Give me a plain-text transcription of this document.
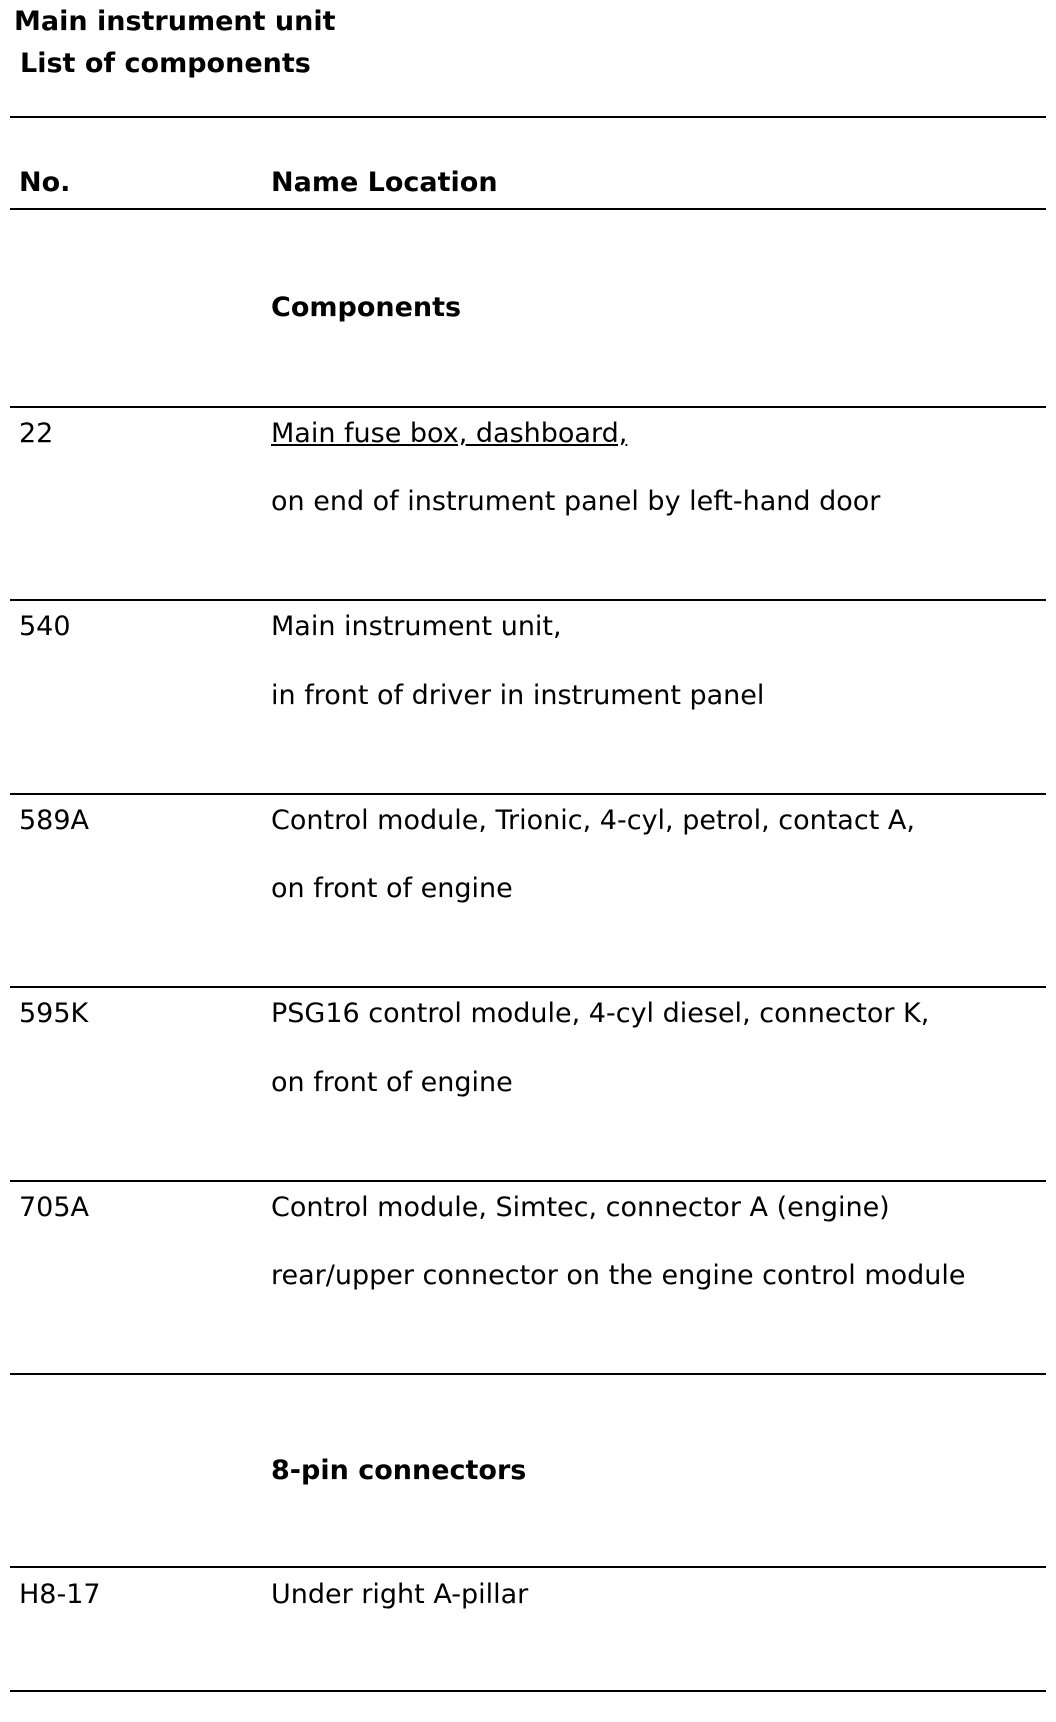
Main instrument unit
List of components
No.	Name Location
Components
22	Main fuse box, dashboard,
on end of instrument panel by left-hand door
540	Main instrument unit,
in front of driver in instrument panel
589A	Control module, Trionic, 4-cyl, petrol, contact A,
on front of engine
595K	PSG16 control module, 4-cyl diesel, connector K,
on front of engine
705A	Control module, Simtec, connector A (engine)
rear/upper connector on the engine control module
8-pin connectors
H8-17	Under right A-pillar
